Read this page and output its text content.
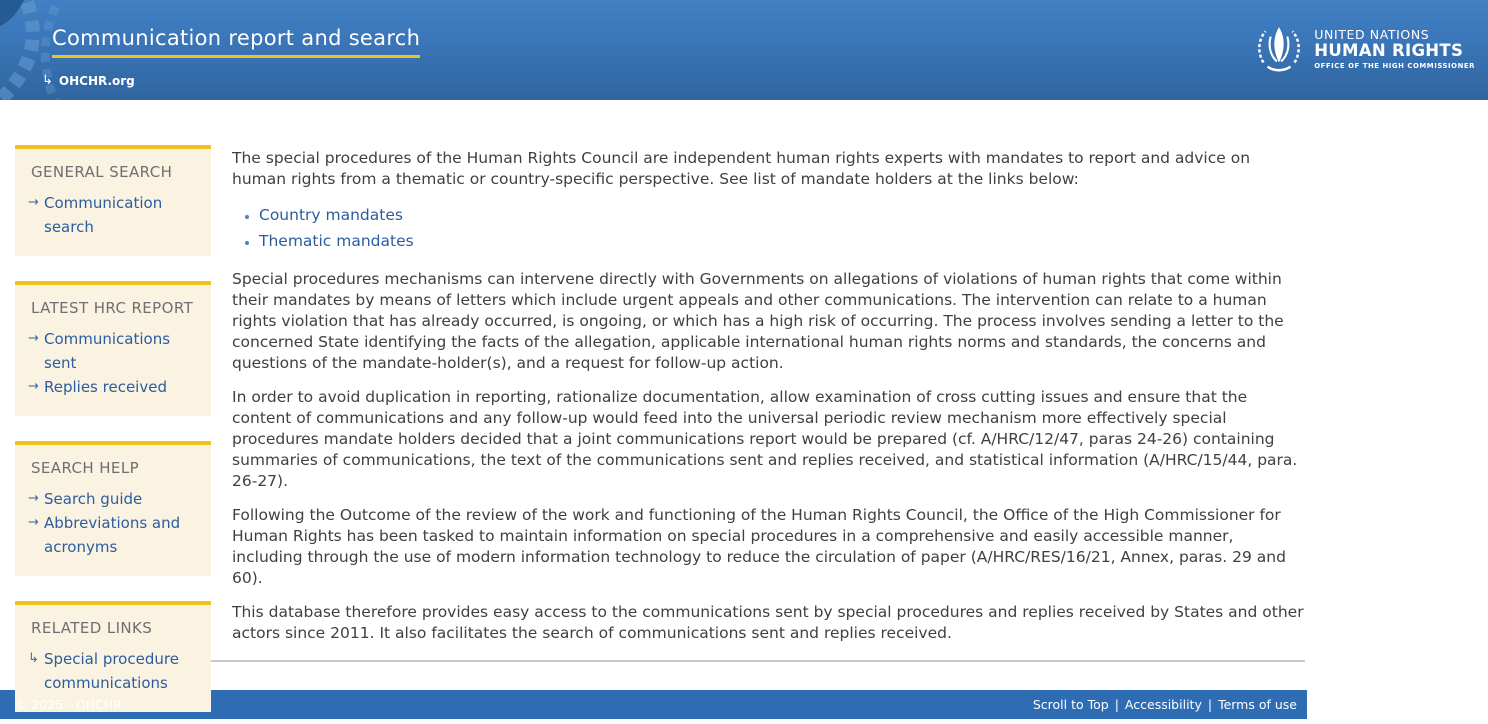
Communication report and search
↳ OHCHR.org
UNITED NATIONS
HUMAN RIGHTS
OFFICE OF THE HIGH COMMISSIONER
GENERAL SEARCH
→ Communication search
LATEST HRC REPORT
→ Communications sent
→ Replies received
SEARCH HELP
→ Search guide
→ Abbreviations and acronyms
RELATED LINKS
↳ Special procedure communications

The special procedures of the Human Rights Council are independent human rights experts with mandates to report and advice on human rights from a thematic or country-specific perspective. See list of mandate holders at the links below:

• Country mandates
• Thematic mandates

Special procedures mechanisms can intervene directly with Governments on allegations of violations of human rights that come within their mandates by means of letters which include urgent appeals and other communications. The intervention can relate to a human rights violation that has already occurred, is ongoing, or which has a high risk of occurring. The process involves sending a letter to the concerned State identifying the facts of the allegation, applicable international human rights norms and standards, the concerns and questions of the mandate-holder(s), and a request for follow-up action.

In order to avoid duplication in reporting, rationalize documentation, allow examination of cross cutting issues and ensure that the content of communications and any follow-up would feed into the universal periodic review mechanism more effectively special procedures mandate holders decided that a joint communications report would be prepared (cf. A/HRC/12/47, paras 24-26) containing summaries of communications, the text of the communications sent and replies received, and statistical information (A/HRC/15/44, para. 26-27).

Following the Outcome of the review of the work and functioning of the Human Rights Council, the Office of the High Commissioner for Human Rights has been tasked to maintain information on special procedures in a comprehensive and easily accessible manner, including through the use of modern information technology to reduce the circulation of paper (A/HRC/RES/16/21, Annex, paras. 29 and 60).

This database therefore provides easy access to the communications sent by special procedures and replies received by States and other actors since 2011. It also facilitates the search of communications sent and replies received.

© 2025 - OHCHR	Scroll to Top | Accessibility | Terms of use
